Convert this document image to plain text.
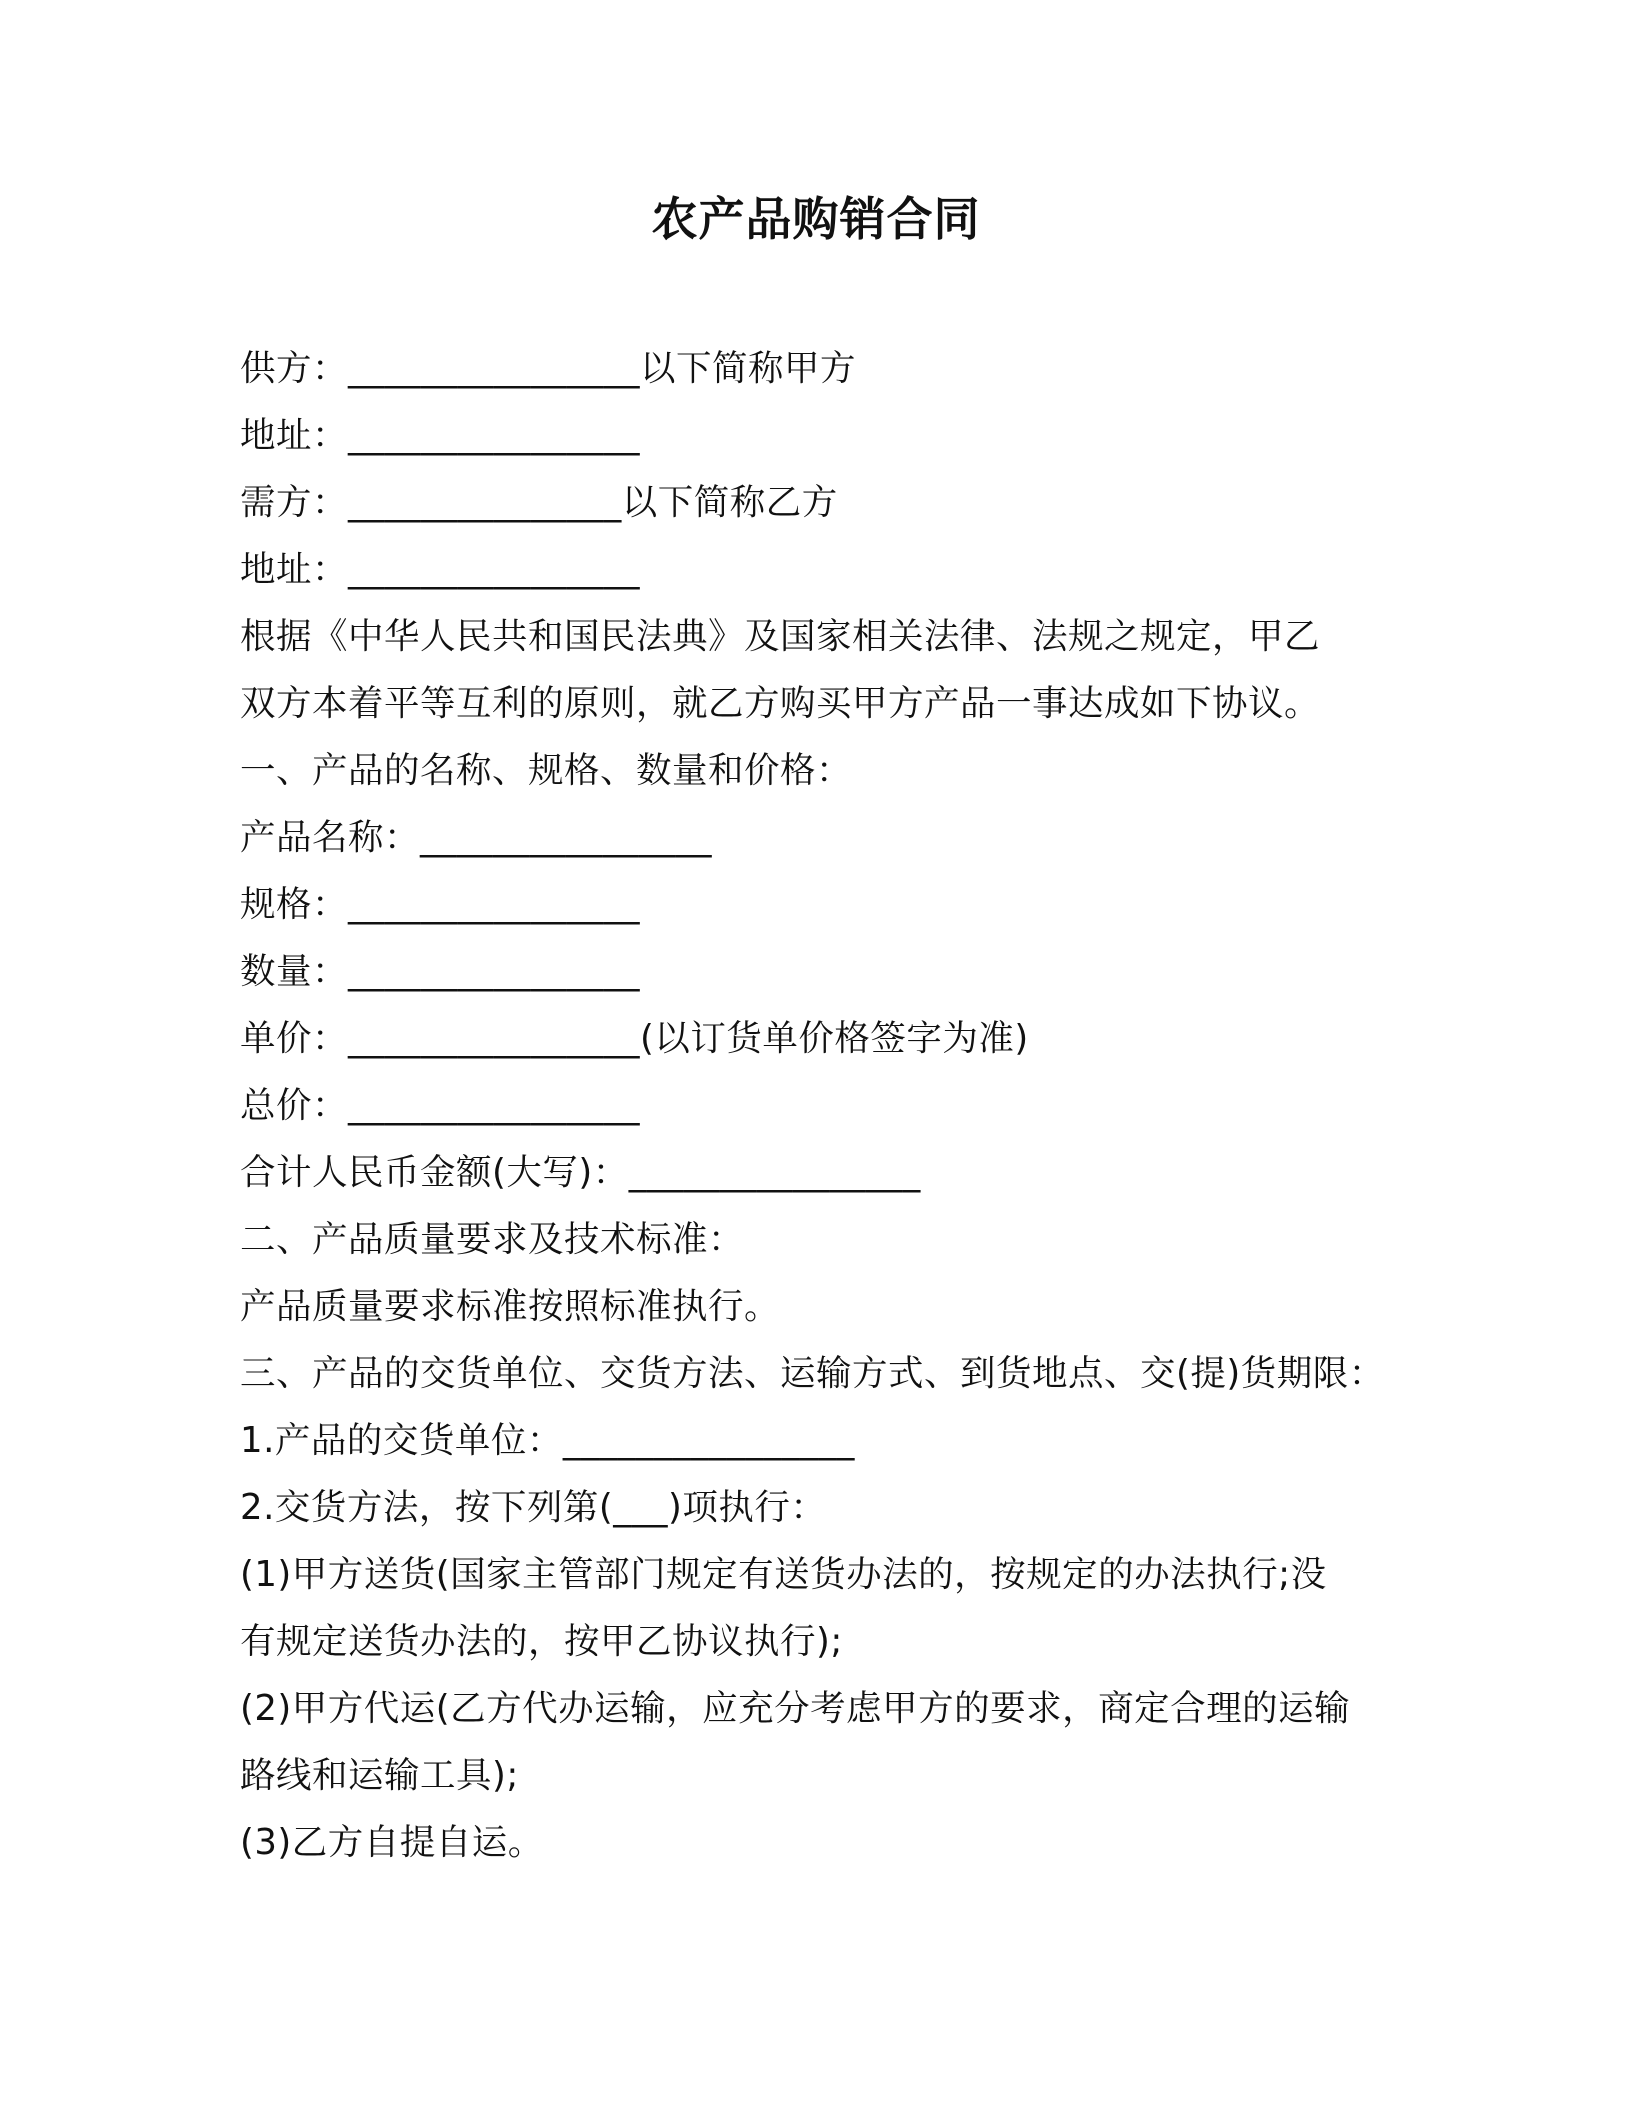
农产品购销合同
供方：________________以下简称甲方
地址：________________
需方：_______________以下简称乙方
地址：________________
根据《中华人民共和国民法典》及国家相关法律、法规之规定，甲乙
双方本着平等互利的原则，就乙方购买甲方产品一事达成如下协议。
一、产品的名称、规格、数量和价格：
产品名称：________________
规格：________________
数量：________________
单价：________________(以订货单价格签字为准)
总价：________________
合计人民币金额(大写)：________________
二、产品质量要求及技术标准：
产品质量要求标准按照标准执行。
三、产品的交货单位、交货方法、运输方式、到货地点、交(提)货期限：
1.产品的交货单位：________________
2.交货方法，按下列第(___)项执行：
(1)甲方送货(国家主管部门规定有送货办法的，按规定的办法执行;没
有规定送货办法的，按甲乙协议执行);
(2)甲方代运(乙方代办运输，应充分考虑甲方的要求，商定合理的运输
路线和运输工具);
(3)乙方自提自运。
